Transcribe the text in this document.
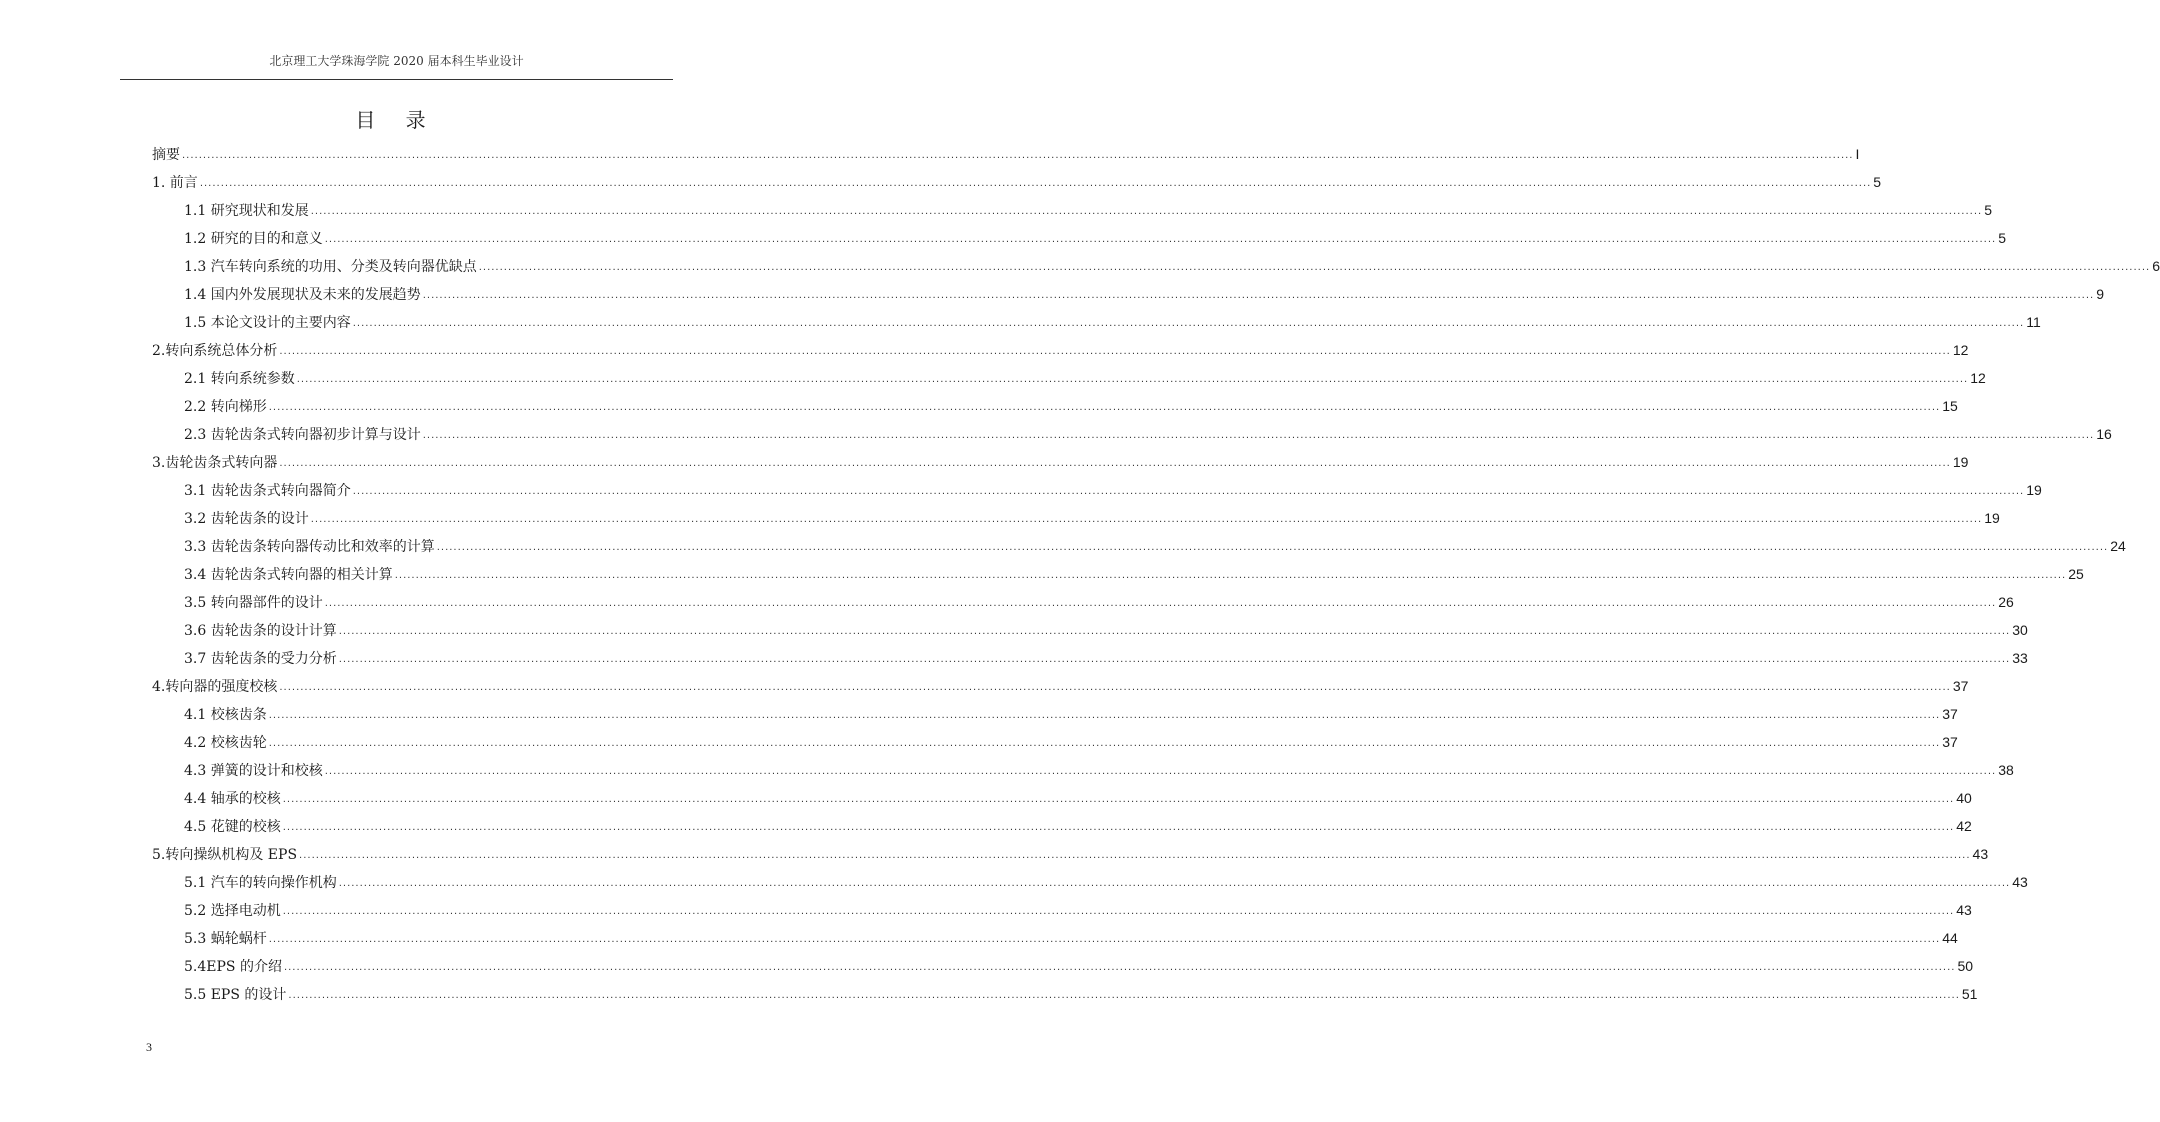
北京理工大学珠海学院 2020 届本科生毕业设计
目 录
摘要 ................................................................................................................................................................................................................................................................................................................................................................................................................ I
1. 前言 ................................................................................................................................................................................................................................................................................................................................................................................................................ 5
1.1 研究现状和发展 ................................................................................................................................................................................................................................................................................................................................................................................................................ 5
1.2 研究的目的和意义 ................................................................................................................................................................................................................................................................................................................................................................................................................ 5
1.3 汽车转向系统的功用、分类及转向器优缺点 ................................................................................................................................................................................................................................................................................................................................................................................................................ 6
1.4 国内外发展现状及未来的发展趋势 ................................................................................................................................................................................................................................................................................................................................................................................................................ 9
1.5 本论文设计的主要内容 ................................................................................................................................................................................................................................................................................................................................................................................................................ 11
2.转向系统总体分析 ................................................................................................................................................................................................................................................................................................................................................................................................................ 12
2.1 转向系统参数 ................................................................................................................................................................................................................................................................................................................................................................................................................ 12
2.2 转向梯形 ................................................................................................................................................................................................................................................................................................................................................................................................................ 15
2.3 齿轮齿条式转向器初步计算与设计 ................................................................................................................................................................................................................................................................................................................................................................................................................ 16
3.齿轮齿条式转向器 ................................................................................................................................................................................................................................................................................................................................................................................................................ 19
3.1 齿轮齿条式转向器简介 ................................................................................................................................................................................................................................................................................................................................................................................................................ 19
3.2 齿轮齿条的设计 ................................................................................................................................................................................................................................................................................................................................................................................................................ 19
3.3 齿轮齿条转向器传动比和效率的计算 ................................................................................................................................................................................................................................................................................................................................................................................................................ 24
3.4 齿轮齿条式转向器的相关计算 ................................................................................................................................................................................................................................................................................................................................................................................................................ 25
3.5 转向器部件的设计 ................................................................................................................................................................................................................................................................................................................................................................................................................ 26
3.6 齿轮齿条的设计计算 ................................................................................................................................................................................................................................................................................................................................................................................................................ 30
3.7 齿轮齿条的受力分析 ................................................................................................................................................................................................................................................................................................................................................................................................................ 33
4.转向器的强度校核 ................................................................................................................................................................................................................................................................................................................................................................................................................ 37
4.1 校核齿条 ................................................................................................................................................................................................................................................................................................................................................................................................................ 37
4.2 校核齿轮 ................................................................................................................................................................................................................................................................................................................................................................................................................ 37
4.3 弹簧的设计和校核 ................................................................................................................................................................................................................................................................................................................................................................................................................ 38
4.4 轴承的校核 ................................................................................................................................................................................................................................................................................................................................................................................................................ 40
4.5 花键的校核 ................................................................................................................................................................................................................................................................................................................................................................................................................ 42
5.转向操纵机构及 EPS ................................................................................................................................................................................................................................................................................................................................................................................................................ 43
5.1 汽车的转向操作机构 ................................................................................................................................................................................................................................................................................................................................................................................................................ 43
5.2 选择电动机 ................................................................................................................................................................................................................................................................................................................................................................................................................ 43
5.3 蜗轮蜗杆 ................................................................................................................................................................................................................................................................................................................................................................................................................ 44
5.4EPS 的介绍 ................................................................................................................................................................................................................................................................................................................................................................................................................ 50
5.5 EPS 的设计 ................................................................................................................................................................................................................................................................................................................................................................................................................ 51
3
